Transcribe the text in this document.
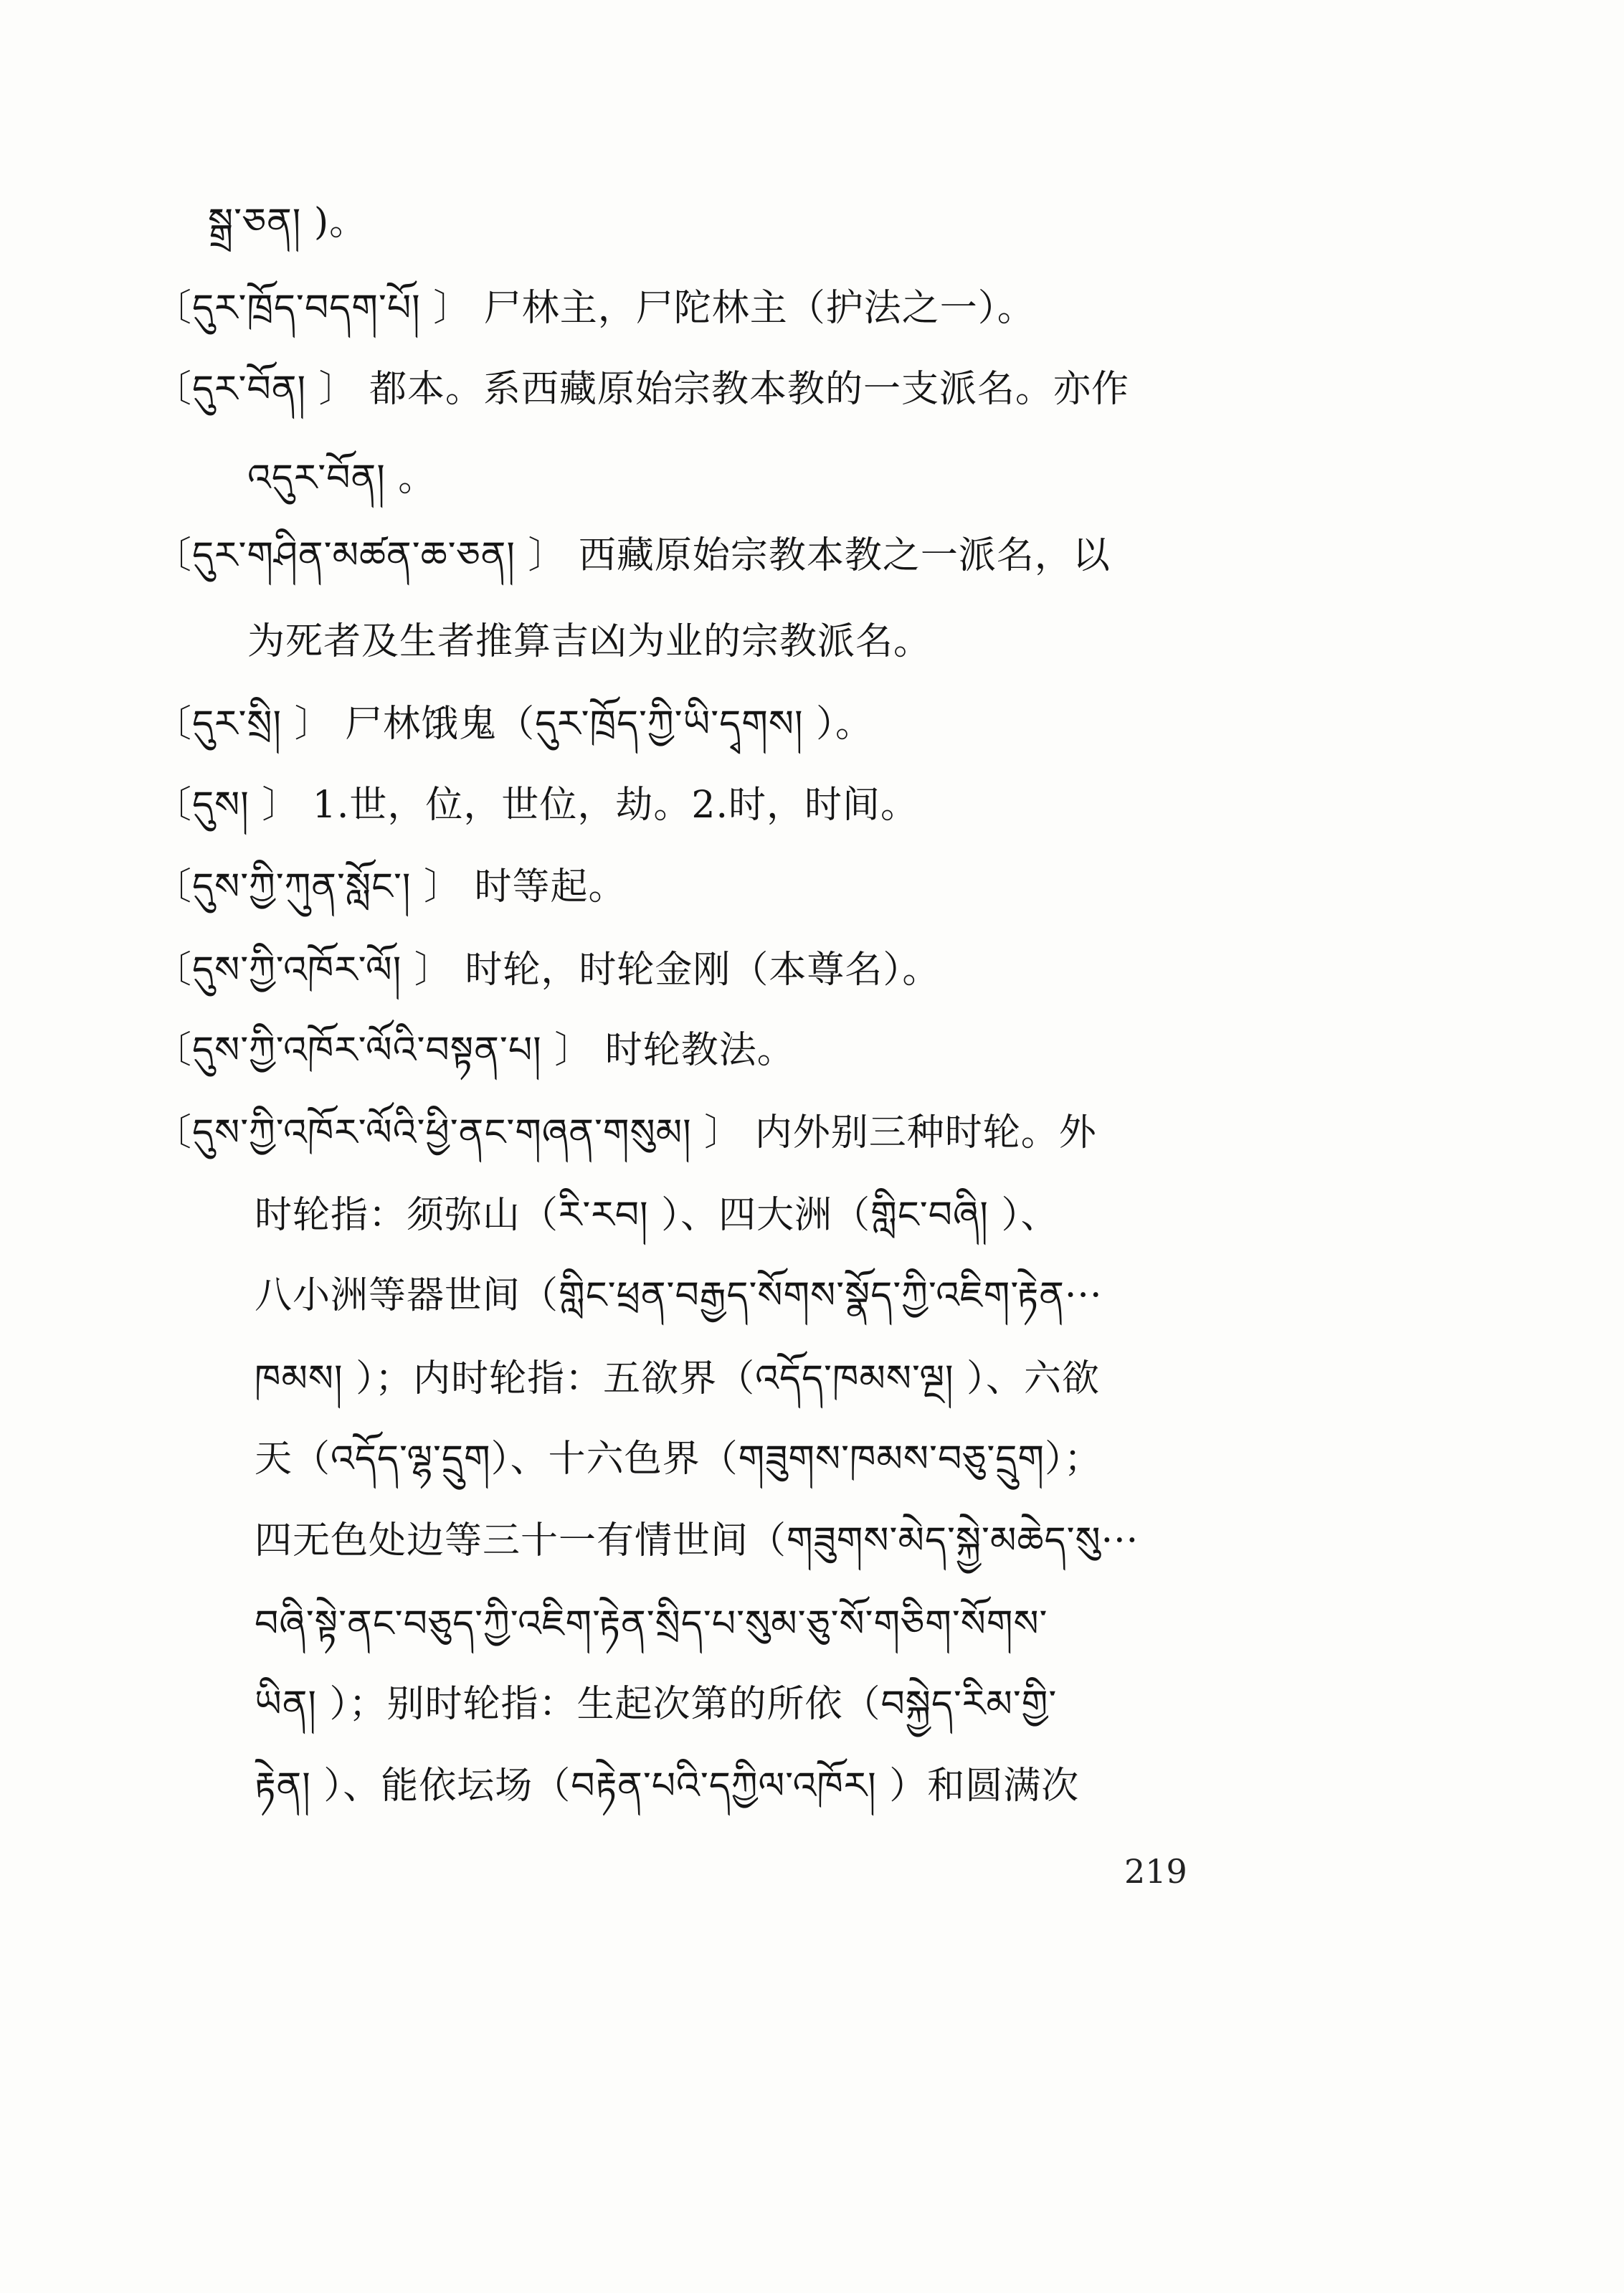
སྒྲ་ཅན། )。
〔དུར་ཁྲོད་བདག་པོ། 〕 尸林主，尸陀林主（护法之一）。
〔དུར་བོན། 〕 都本。系西藏原始宗教本教的一支派名。亦作
འདུར་བོན། 。
〔དུར་གཤིན་མཚན་ཆ་ཅན། 〕 西藏原始宗教本教之一派名，以
为死者及生者推算吉凶为业的宗教派名。
〔དུར་སྲི། 〕 尸林饿鬼（དུར་ཁྲོད་ཀྱི་ཡི་དྭགས། ）。
〔དུས། 〕 1.世，位，世位，劫。2.时，时间。
〔དུས་ཀྱི་ཀུན་སློང་། 〕 时等起。
〔དུས་ཀྱི་འཁོར་ལོ། 〕 时轮，时轮金刚（本尊名）。
〔དུས་ཀྱི་འཁོར་ལོའི་བསྟན་པ། 〕 时轮教法。
〔དུས་ཀྱི་འཁོར་ལོའི་ཕྱི་ནང་གཞན་གསུམ། 〕 内外别三种时轮。外
时轮指：须弥山（རི་རབ། ）、四大洲（གླིང་བཞི། ）、
八小洲等器世间（གླིང་ཕྲན་བརྒྱད་སོགས་སྣོད་ཀྱི་འཇིག་རྟེན···
ཁམས། ）；内时轮指：五欲界（འདོད་ཁམས་ལྔ། ）、六欲
天（འདོད་ལྷ་དྲུག）、十六色界（གཟུགས་ཁམས་བཅུ་དྲུག）；
四无色处边等三十一有情世间（གཟུགས་མེད་སྐྱེ་མཆེད་སུ···
བཞི་སྟེ་ནང་བཅུད་ཀྱི་འཇིག་རྟེན་སྲིད་པ་སུམ་ཅུ་སོ་གཅིག་སོགས་
ཡིན། ）；别时轮指：生起次第的所依（བསྐྱེད་རིམ་གྱི་
རྟེན། ）、能依坛场（བརྟེན་པའི་དཀྱིལ་འཁོར། ）和圆满次
219
